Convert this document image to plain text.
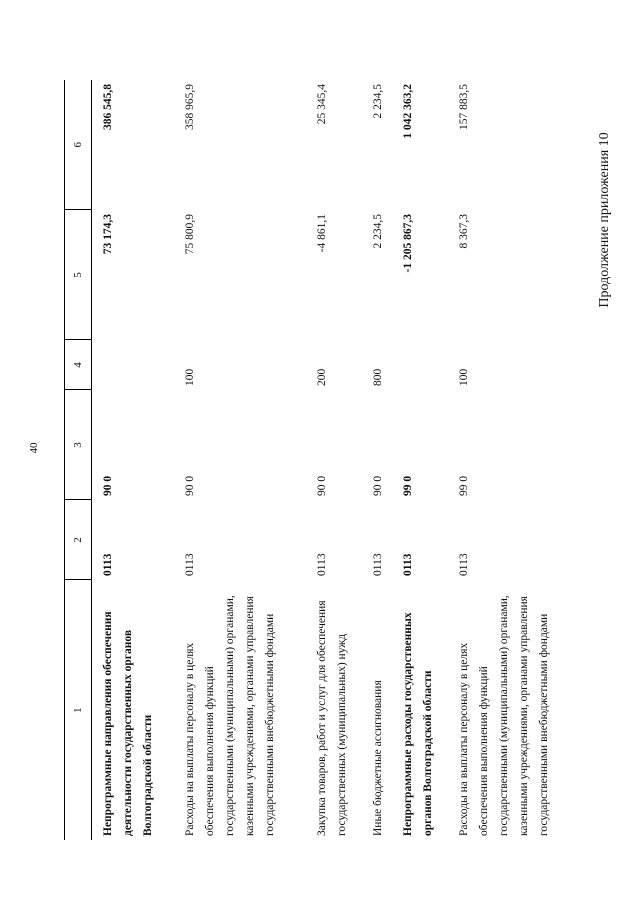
40
Продолжение приложения 10
1	2	3	4	5	6
Непрограммные направления обеспечения деятельности государственных органов Волгоградской области	0113	90 0		73 174,3	386 545,8
Расходы на выплаты персоналу в целях обеспечения выполнения функций государственными (муниципальными) органами, казенными учреждениями, органами управления государственными внебюджетными фондами	0113	90 0	100	75 800,9	358 965,9
Закупка товаров, работ и услуг для обеспечения государственных (муниципальных) нужд	0113	90 0	200	-4 861,1	25 345,4
Иные бюджетные ассигнования	0113	90 0	800	2 234,5	2 234,5
Непрограммные расходы государственных органов Волгоградской области	0113	99 0		-1 205 867,3	1 042 363,2
Расходы на выплаты персоналу в целях обеспечения выполнения функций государственными (муниципальными) органами, казенными учреждениями, органами управления государственными внебюджетными фондами	0113	99 0	100	8 367,3	157 883,5
